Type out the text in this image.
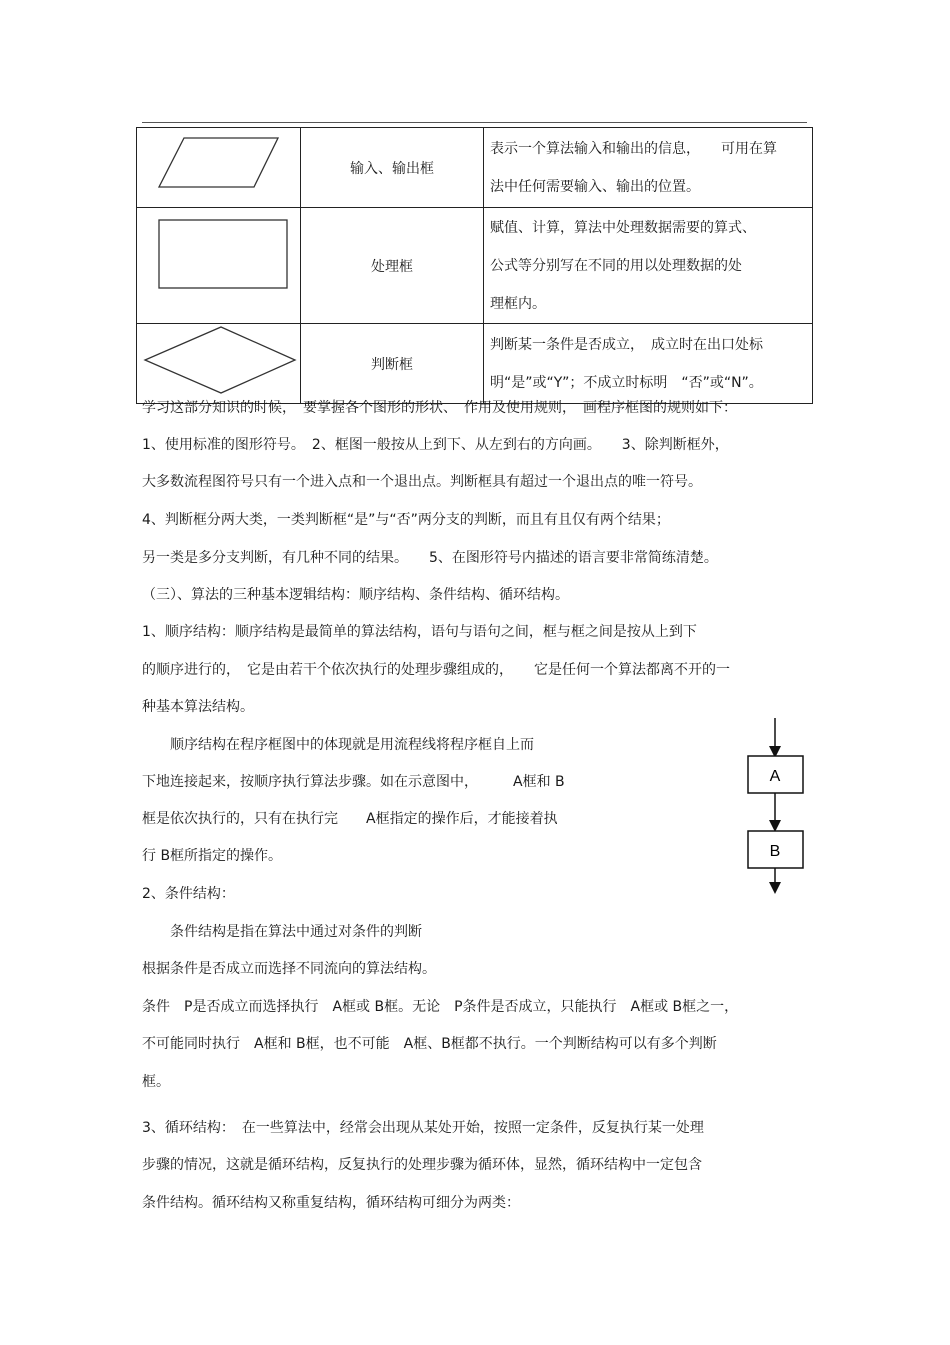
	输入、输出框	表示一个算法输入和输出的信息，　　可用在算
法中任何需要输入、输出的位置。

	处理框	赋值、计算，算法中处理数据需要的算式、
公式等分别写在不同的用以处理数据的处
理框内。

	判断框	判断某一条件是否成立，　成立时在出口处标
明“是”或“Y”；不成立时标明　“否”或“N”。
学习这部分知识的时候，　要掌握各个图形的形状、　作用及使用规则，　画程序框图的规则如下：
1、使用标准的图形符号。　2、框图一般按从上到下、从左到右的方向画。　　3、除判断框外，
大多数流程图符号只有一个进入点和一个退出点。判断框具有超过一个退出点的唯一符号。
4、判断框分两大类，一类判断框“是”与“否”两分支的判断，而且有且仅有两个结果；
另一类是多分支判断，有几种不同的结果。　　5、在图形符号内描述的语言要非常简练清楚。
（三）、算法的三种基本逻辑结构：顺序结构、条件结构、循环结构。
1、顺序结构：顺序结构是最简单的算法结构，语句与语句之间，框与框之间是按从上到下
的顺序进行的，　它是由若干个依次执行的处理步骤组成的，　　它是任何一个算法都离不开的一
种基本算法结构。
　　顺序结构在程序框图中的体现就是用流程线将程序框自上而
下地连接起来，按顺序执行算法步骤。如在示意图中，　　　A框和 B
框是依次执行的，只有在执行完　　A框指定的操作后，才能接着执
行 B框所指定的操作。
2、条件结构：
　　条件结构是指在算法中通过对条件的判断
根据条件是否成立而选择不同流向的算法结构。
条件　P是否成立而选择执行　A框或 B框。无论　P条件是否成立，只能执行　A框或 B框之一，
不可能同时执行　A框和 B框，也不可能　A框、B框都不执行。一个判断结构可以有多个判断
框。
3、循环结构：　在一些算法中，经常会出现从某处开始，按照一定条件，反复执行某一处理
步骤的情况，这就是循环结构，反复执行的处理步骤为循环体，显然，循环结构中一定包含
条件结构。循环结构又称重复结构，循环结构可细分为两类：
A
B
